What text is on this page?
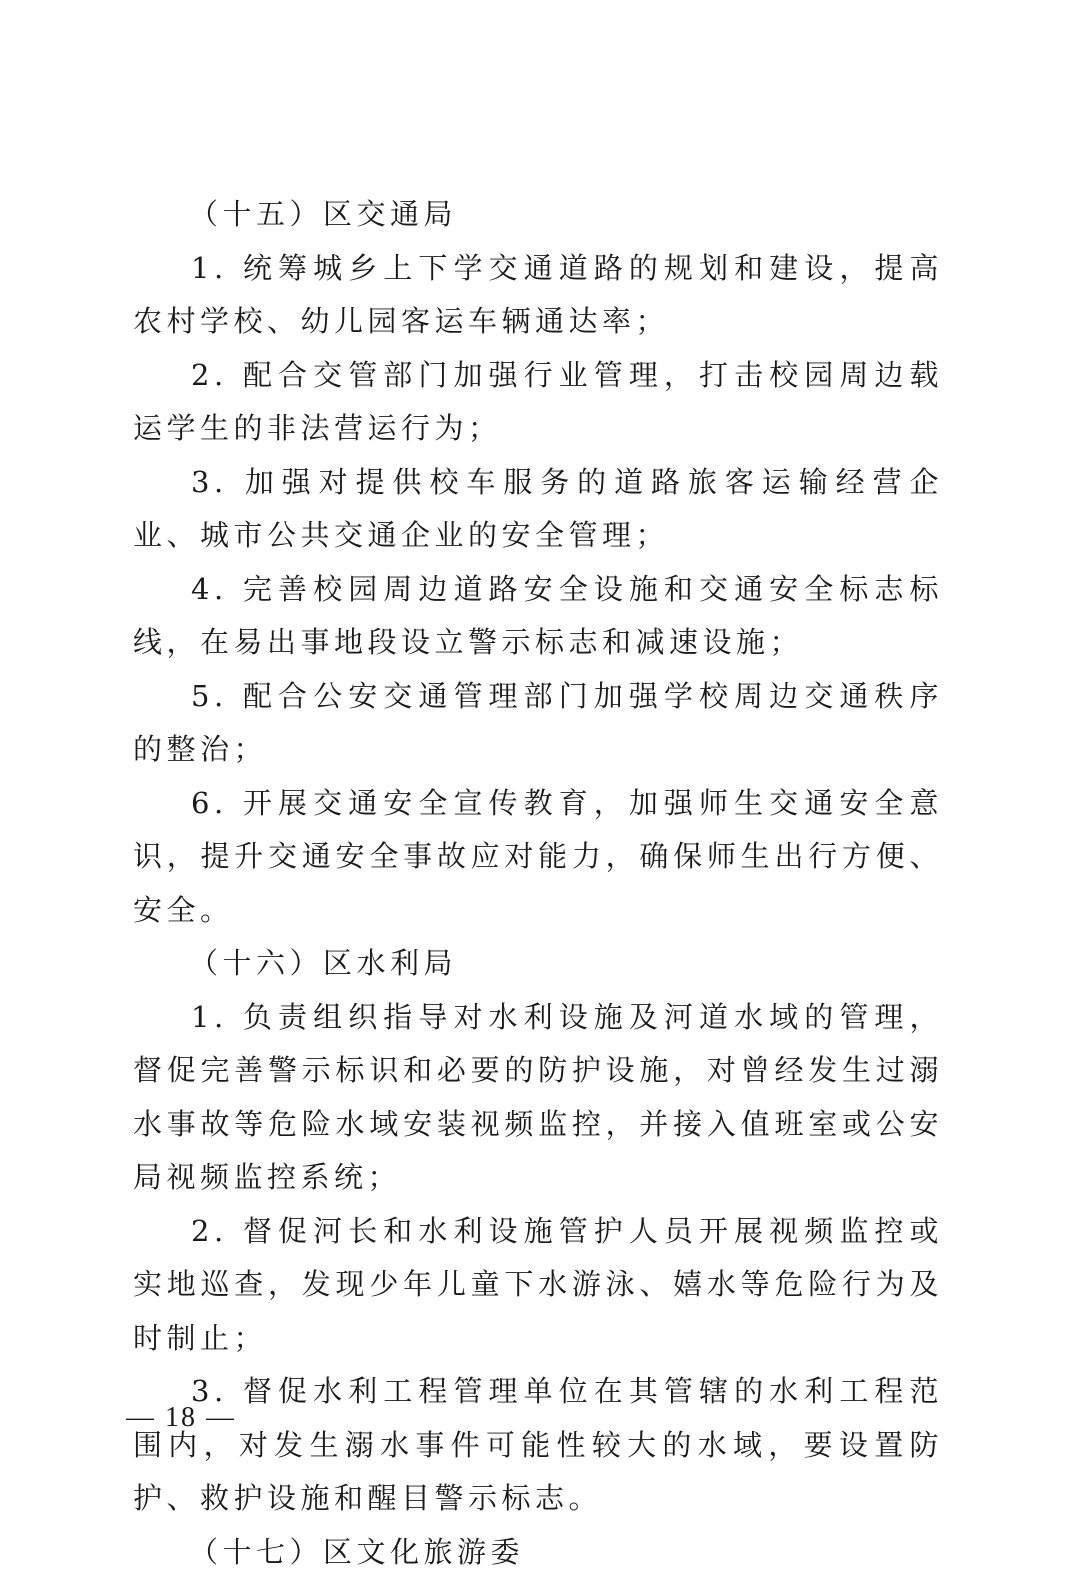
（十五）区交通局

1. 统筹城乡上下学交通道路的规划和建设，提高农村学校、幼儿园客运车辆通达率；

2. 配合交管部门加强行业管理，打击校园周边载运学生的非法营运行为；

3. 加强对提供校车服务的道路旅客运输经营企业、城市公共交通企业的安全管理；

4. 完善校园周边道路安全设施和交通安全标志标线，在易出事地段设立警示标志和减速设施；

5. 配合公安交通管理部门加强学校周边交通秩序的整治；

6. 开展交通安全宣传教育，加强师生交通安全意识，提升交通安全事故应对能力，确保师生出行方便、安全。

（十六）区水利局

1. 负责组织指导对水利设施及河道水域的管理，督促完善警示标识和必要的防护设施，对曾经发生过溺水事故等危险水域安装视频监控，并接入值班室或公安局视频监控系统；

2. 督促河长和水利设施管护人员开展视频监控或实地巡查，发现少年儿童下水游泳、嬉水等危险行为及时制止；

3. 督促水利工程管理单位在其管辖的水利工程范围内，对发生溺水事件可能性较大的水域，要设置防护、救护设施和醒目警示标志。

（十七）区文化旅游委

— 18 —
